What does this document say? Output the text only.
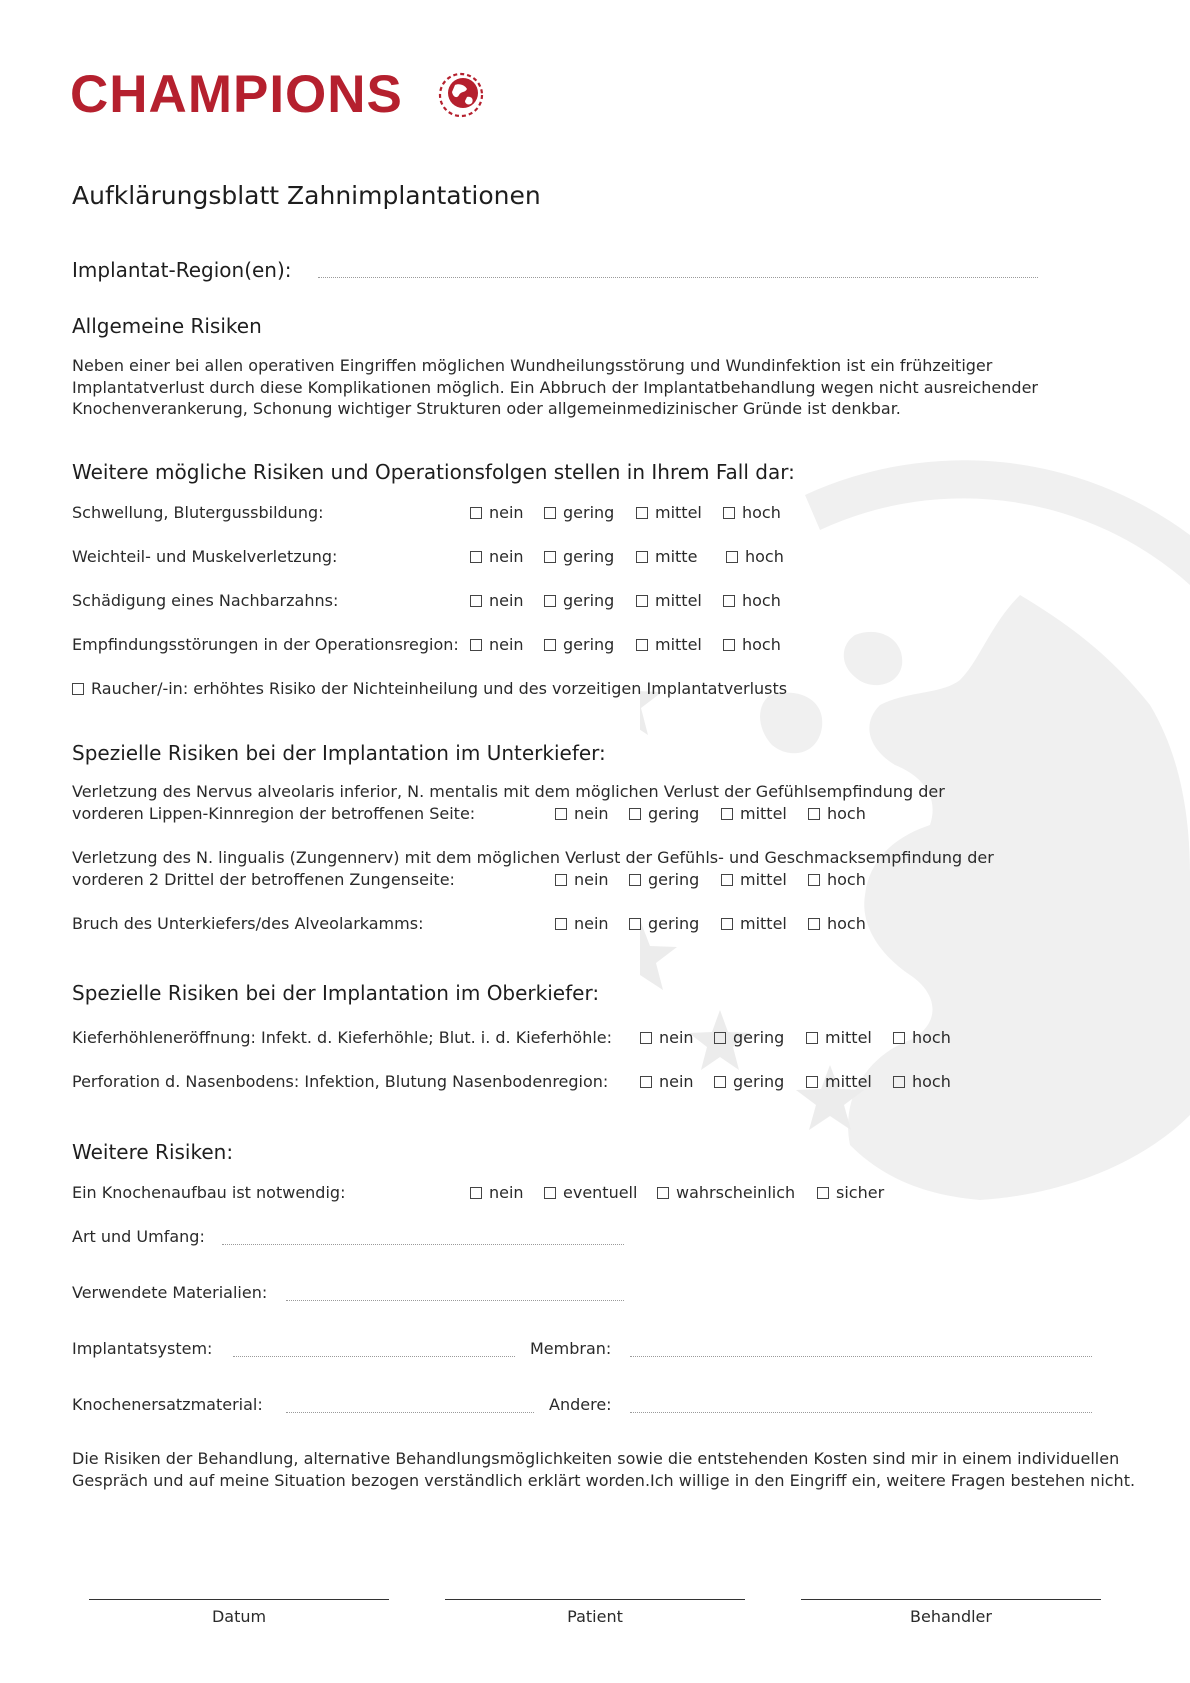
CHAMPIONS
Aufklärungsblatt Zahnimplantationen
Implantat-Region(en):
Allgemeine Risiken
Neben einer bei allen operativen Eingriffen möglichen Wundheilungsstörung und Wundinfektion ist ein frühzeitiger
Implantatverlust durch diese Komplikationen möglich. Ein Abbruch der Implantatbehandlung wegen nicht ausreichender
Knochenverankerung, Schonung wichtiger Strukturen oder allgemeinmedizinischer Gründe ist denkbar.
Weitere mögliche Risiken und Operationsfolgen stellen in Ihrem Fall dar:
Schwellung, Blutergussbildung:	nein	gering	mittel	hoch
Weichteil- und Muskelverletzung:	nein	gering	mitte	hoch
Schädigung eines Nachbarzahns:	nein	gering	mittel	hoch
Empfindungsstörungen in der Operationsregion:	nein	gering	mittel	hoch
Raucher/-in: erhöhtes Risiko der Nichteinheilung und des vorzeitigen Implantatverlusts
Spezielle Risiken bei der Implantation im Unterkiefer:
Verletzung des Nervus alveolaris inferior, N. mentalis mit dem möglichen Verlust der Gefühlsempfindung der
vorderen Lippen-Kinnregion der betroffenen Seite:	nein	gering	mittel	hoch
Verletzung des N. lingualis (Zungennerv) mit dem möglichen Verlust der Gefühls- und Geschmacksempfindung der
vorderen 2 Drittel der betroffenen Zungenseite:	nein	gering	mittel	hoch
Bruch des Unterkiefers/des Alveolarkamms:	nein	gering	mittel	hoch
Spezielle Risiken bei der Implantation im Oberkiefer:
Kieferhöhleneröffnung: Infekt. d. Kieferhöhle; Blut. i. d. Kieferhöhle:	nein	gering	mittel	hoch
Perforation d. Nasenbodens: Infektion, Blutung Nasenbodenregion:	nein	gering	mittel	hoch
Weitere Risiken:
Ein Knochenaufbau ist notwendig:	nein	eventuell	wahrscheinlich	sicher
Art und Umfang:
Verwendete Materialien:
Implantatsystem:	Membran:
Knochenersatzmaterial:	Andere:
Die Risiken der Behandlung, alternative Behandlungsmöglichkeiten sowie die entstehenden Kosten sind mir in einem individuellen
Gespräch und auf meine Situation bezogen verständlich erklärt worden.Ich willige in den Eingriff ein, weitere Fragen bestehen nicht.
Datum	Patient	Behandler
